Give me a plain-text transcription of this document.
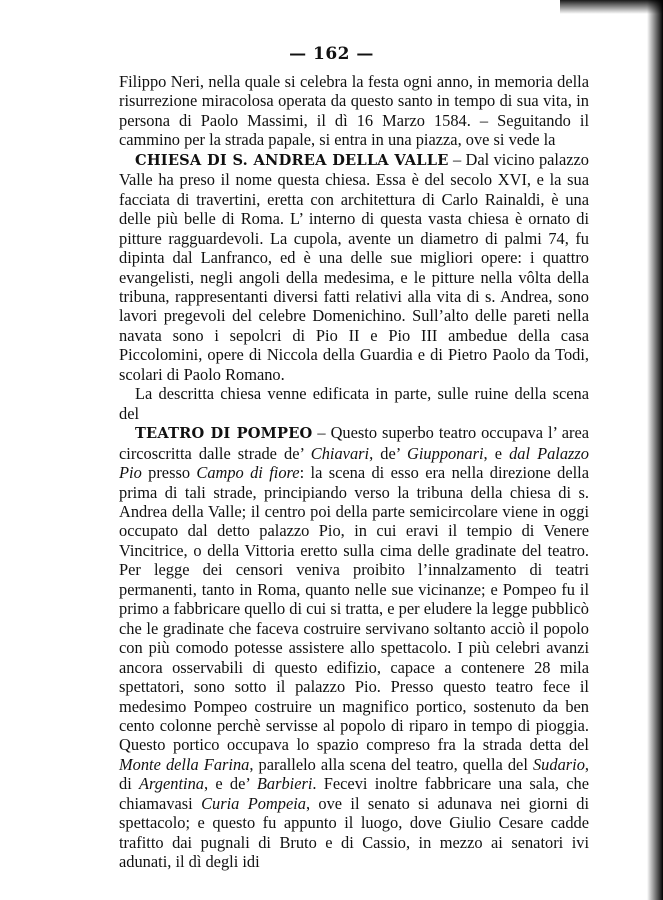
— 162 —

Filippo Neri, nella quale si celebra la festa ogni anno, in memoria della risurrezione miracolosa operata da questo santo in tempo di sua vita, in persona di Paolo Massimi, il dì 16 Marzo 1584. – Seguitando il cammino per la strada papale, si entra in una piazza, ove si vede la

CHIESA DI S. ANDREA DELLA VALLE – Dal vicino palazzo Valle ha preso il nome questa chiesa. Essa è del secolo XVI, e la sua facciata di travertini, eretta con architettura di Carlo Rainaldi, è una delle più belle di Roma. L’ interno di questa vasta chiesa è ornato di pitture ragguardevoli. La cupola, avente un diametro di palmi 74, fu dipinta dal Lanfranco, ed è una delle sue migliori opere: i quattro evangelisti, negli angoli della medesima, e le pitture nella vôlta della tribuna, rappresentanti diversi fatti relativi alla vita di s. Andrea, sono lavori pregevoli del celebre Domenichino. Sull’alto delle pareti nella navata sono i sepolcri di Pio II e Pio III ambedue della casa Piccolomini, opere di Niccola della Guardia e di Pietro Paolo da Todi, scolari di Paolo Romano.

La descritta chiesa venne edificata in parte, sulle ruine della scena del

TEATRO DI POMPEO – Questo superbo teatro occupava l’ area circoscritta dalle strade de’ Chiavari, de’ Giupponari, e dal Palazzo Pio presso Campo di fiore: la scena di esso era nella direzione della prima di tali strade, principiando verso la tribuna della chiesa di s. Andrea della Valle; il centro poi della parte semicircolare viene in oggi occupato dal detto palazzo Pio, in cui eravi il tempio di Venere Vincitrice, o della Vittoria eretto sulla cima delle gradinate del teatro. Per legge dei censori veniva proibito l’innalzamento di teatri permanenti, tanto in Roma, quanto nelle sue vicinanze; e Pompeo fu il primo a fabbricare quello di cui si tratta, e per eludere la legge pubblicò che le gradinate che faceva costruire servivano soltanto acciò il popolo con più comodo potesse assistere allo spettacolo. I più celebri avanzi ancora osservabili di questo edifizio, capace a contenere 28 mila spettatori, sono sotto il palazzo Pio. Presso questo teatro fece il medesimo Pompeo costruire un magnifico portico, sostenuto da ben cento colonne perchè servisse al popolo di riparo in tempo di pioggia. Questo portico occupava lo spazio compreso fra la strada detta del Monte della Farina, parallelo alla scena del teatro, quella del Sudario, di Argentina, e de’ Barbieri. Fecevi inoltre fabbricare una sala, che chiamavasi Curia Pompeia, ove il senato si adunava nei giorni di spettacolo; e questo fu appunto il luogo, dove Giulio Cesare cadde trafitto dai pugnali di Bruto e di Cassio, in mezzo ai senatori ivi adunati, il dì degli idi
